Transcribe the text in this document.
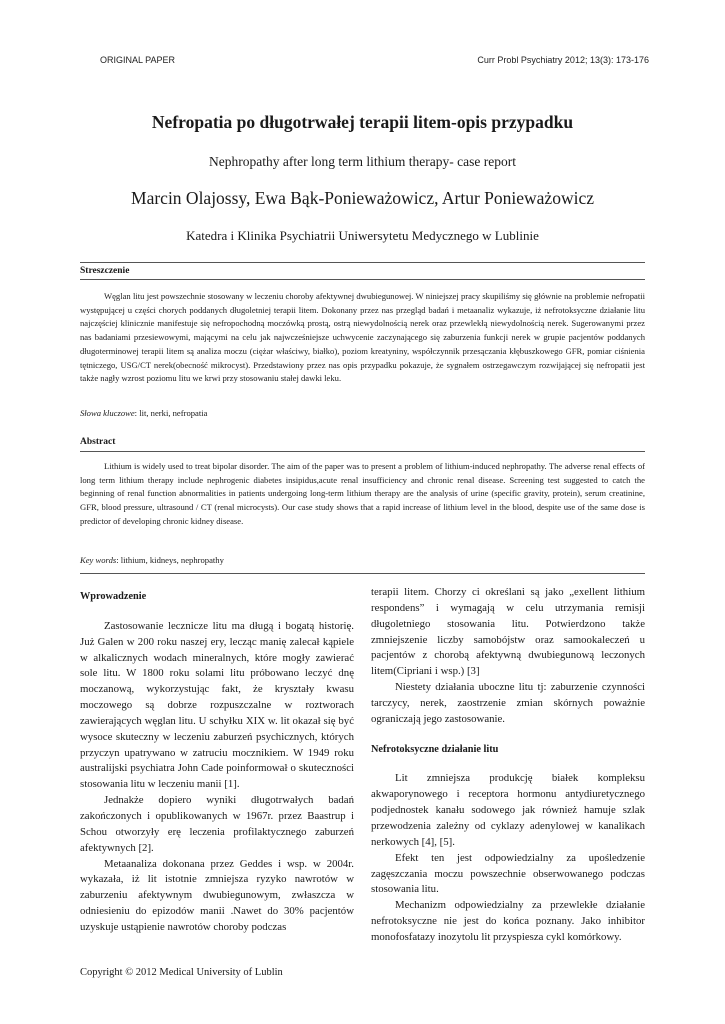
ORIGINAL PAPER	Curr Probl Psychiatry 2012; 13(3): 173-176
Nefropatia po długotrwałej terapii litem-opis przypadku
Nephropathy after long term lithium therapy- case report
Marcin Olajossy, Ewa Bąk-Ponieważowicz, Artur Ponieważowicz
Katedra i Klinika Psychiatrii Uniwersytetu Medycznego w Lublinie
Streszczenie

Węglan litu jest powszechnie stosowany w leczeniu choroby afektywnej dwubiegunowej. W niniejszej pracy skupiliśmy się głównie na problemie nefropatii występującej u części chorych poddanych długoletniej terapii litem. Dokonany przez nas przegląd badań i metaanaliz wykazuje, iż nefrotoksyczne działanie litu najczęściej klinicznie manifestuje się nefropochodną moczówką prostą, ostrą niewydolnością nerek oraz przewlekłą niewydolnością nerek. Sugerowanymi przez nas badaniami przesiewowymi, mającymi na celu jak najwcześniejsze uchwycenie zaczynającego się zaburzenia funkcji nerek w grupie pacjentów poddanych długoterminowej terapii litem są analiza moczu (ciężar właściwy, białko), poziom kreatyniny, współczynnik przesączania kłębuszkowego GFR, pomiar ciśnienia tętniczego, USG/CT nerek(obecność mikrocyst). Przedstawiony przez nas opis przypadku pokazuje, że sygnałem ostrzegawczym rozwijającej się nefropatii jest także nagły wzrost poziomu litu we krwi przy stosowaniu stałej dawki leku.

Słowa kluczowe: lit, nerki, nefropatia
Abstract

Lithium is widely used to treat bipolar disorder. The aim of the paper was to present a problem of lithium-induced nephropathy. The adverse renal effects of long term lithium therapy include nephrogenic diabetes insipidus,acute renal insufficiency and chronic renal disease. Screening test suggested to catch the beginning of renal function abnormalities in patients undergoing long-term lithium therapy are the analysis of urine (specific gravity, protein), serum creatinine, GFR, blood pressure, ultrasound / CT (renal microcysts). Our case study shows that a rapid increase of lithium level in the blood, despite use of the same dose is predictor of developing chronic kidney disease.

Key words: lithium, kidneys, nephropathy
Wprowadzenie

Zastosowanie lecznicze litu ma długą i bogatą historię. Już Galen w 200 roku naszej ery, lecząc manię zalecał kąpiele w alkalicznych wodach mineralnych, które mogły zawierać sole litu. W 1800 roku solami litu próbowano leczyć dnę moczanową, wykorzystując fakt, że kryształy kwasu moczowego są dobrze rozpuszczalne w roztworach zawierających węglan litu. U schyłku XIX w. lit okazał się być wysoce skuteczny w leczeniu zaburzeń psychicznych, których przyczyn upatrywano w zatruciu mocznikiem. W 1949 roku australijski psychiatra John Cade poinformował o skuteczności stosowania litu w leczeniu manii [1].

Jednakże dopiero wyniki długotrwałych badań zakończonych i opublikowanych w 1967r. przez Baastrup i Schou otworzyły erę leczenia profilaktycznego zaburzeń afektywnych [2].

Metaanaliza dokonana przez Geddes i wsp. w 2004r. wykazała, iż lit istotnie zmniejsza ryzyko nawrotów w zaburzeniu afektywnym dwubiegunowym, zwłaszcza w odniesieniu do epizodów manii .Nawet do 30% pacjentów uzyskuje ustąpienie nawrotów choroby podczas

terapii litem. Chorzy ci określani są jako „exellent lithium respondens” i wymagają w celu utrzymania remisji długoletniego stosowania litu. Potwierdzono także zmniejszenie liczby samobójstw oraz samookaleczeń u pacjentów z chorobą afektywną dwubiegunową leczonych litem(Cipriani i wsp.) [3]

Niestety działania uboczne litu tj: zaburzenie czynności tarczycy, nerek, zaostrzenie zmian skórnych poważnie ograniczają jego zastosowanie.

Nefrotoksyczne działanie litu

Lit zmniejsza produkcję białek kompleksu akwaporynowego i receptora hormonu antydiuretycznego podjednostek kanału sodowego jak również hamuje szlak przewodzenia zależny od cyklazy adenylowej w kanalikach nerkowych [4], [5].

Efekt ten jest odpowiedzialny za upośledzenie zagęszczania moczu powszechnie obserwowanego podczas stosowania litu.

Mechanizm odpowiedzialny za przewlekłe działanie nefrotoksyczne nie jest do końca poznany. Jako inhibitor monofosfatazy inozytolu lit przyspiesza cykl komórkowy.

Copyright © 2012 Medical University of Lublin
